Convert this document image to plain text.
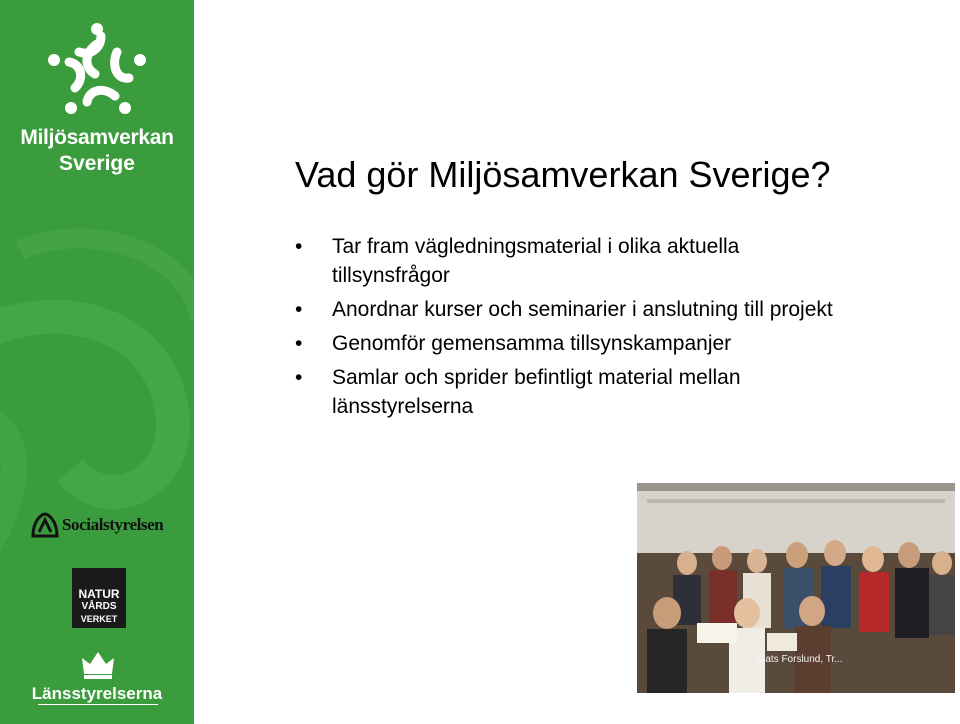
Miljösamverkan
Sverige
Socialstyrelsen
NATUR
VÅRDS
VERKET
Länsstyrelserna
Vad gör Miljösamverkan Sverige?
• Tar fram vägledningsmaterial i olika aktuella tillsynsfrågor
• Anordnar kurser och seminarier i anslutning till projekt
• Genomför gemensamma tillsynskampanjer
• Samlar och sprider befintligt material mellan länsstyrelserna
Mats Forslund, Tr...
